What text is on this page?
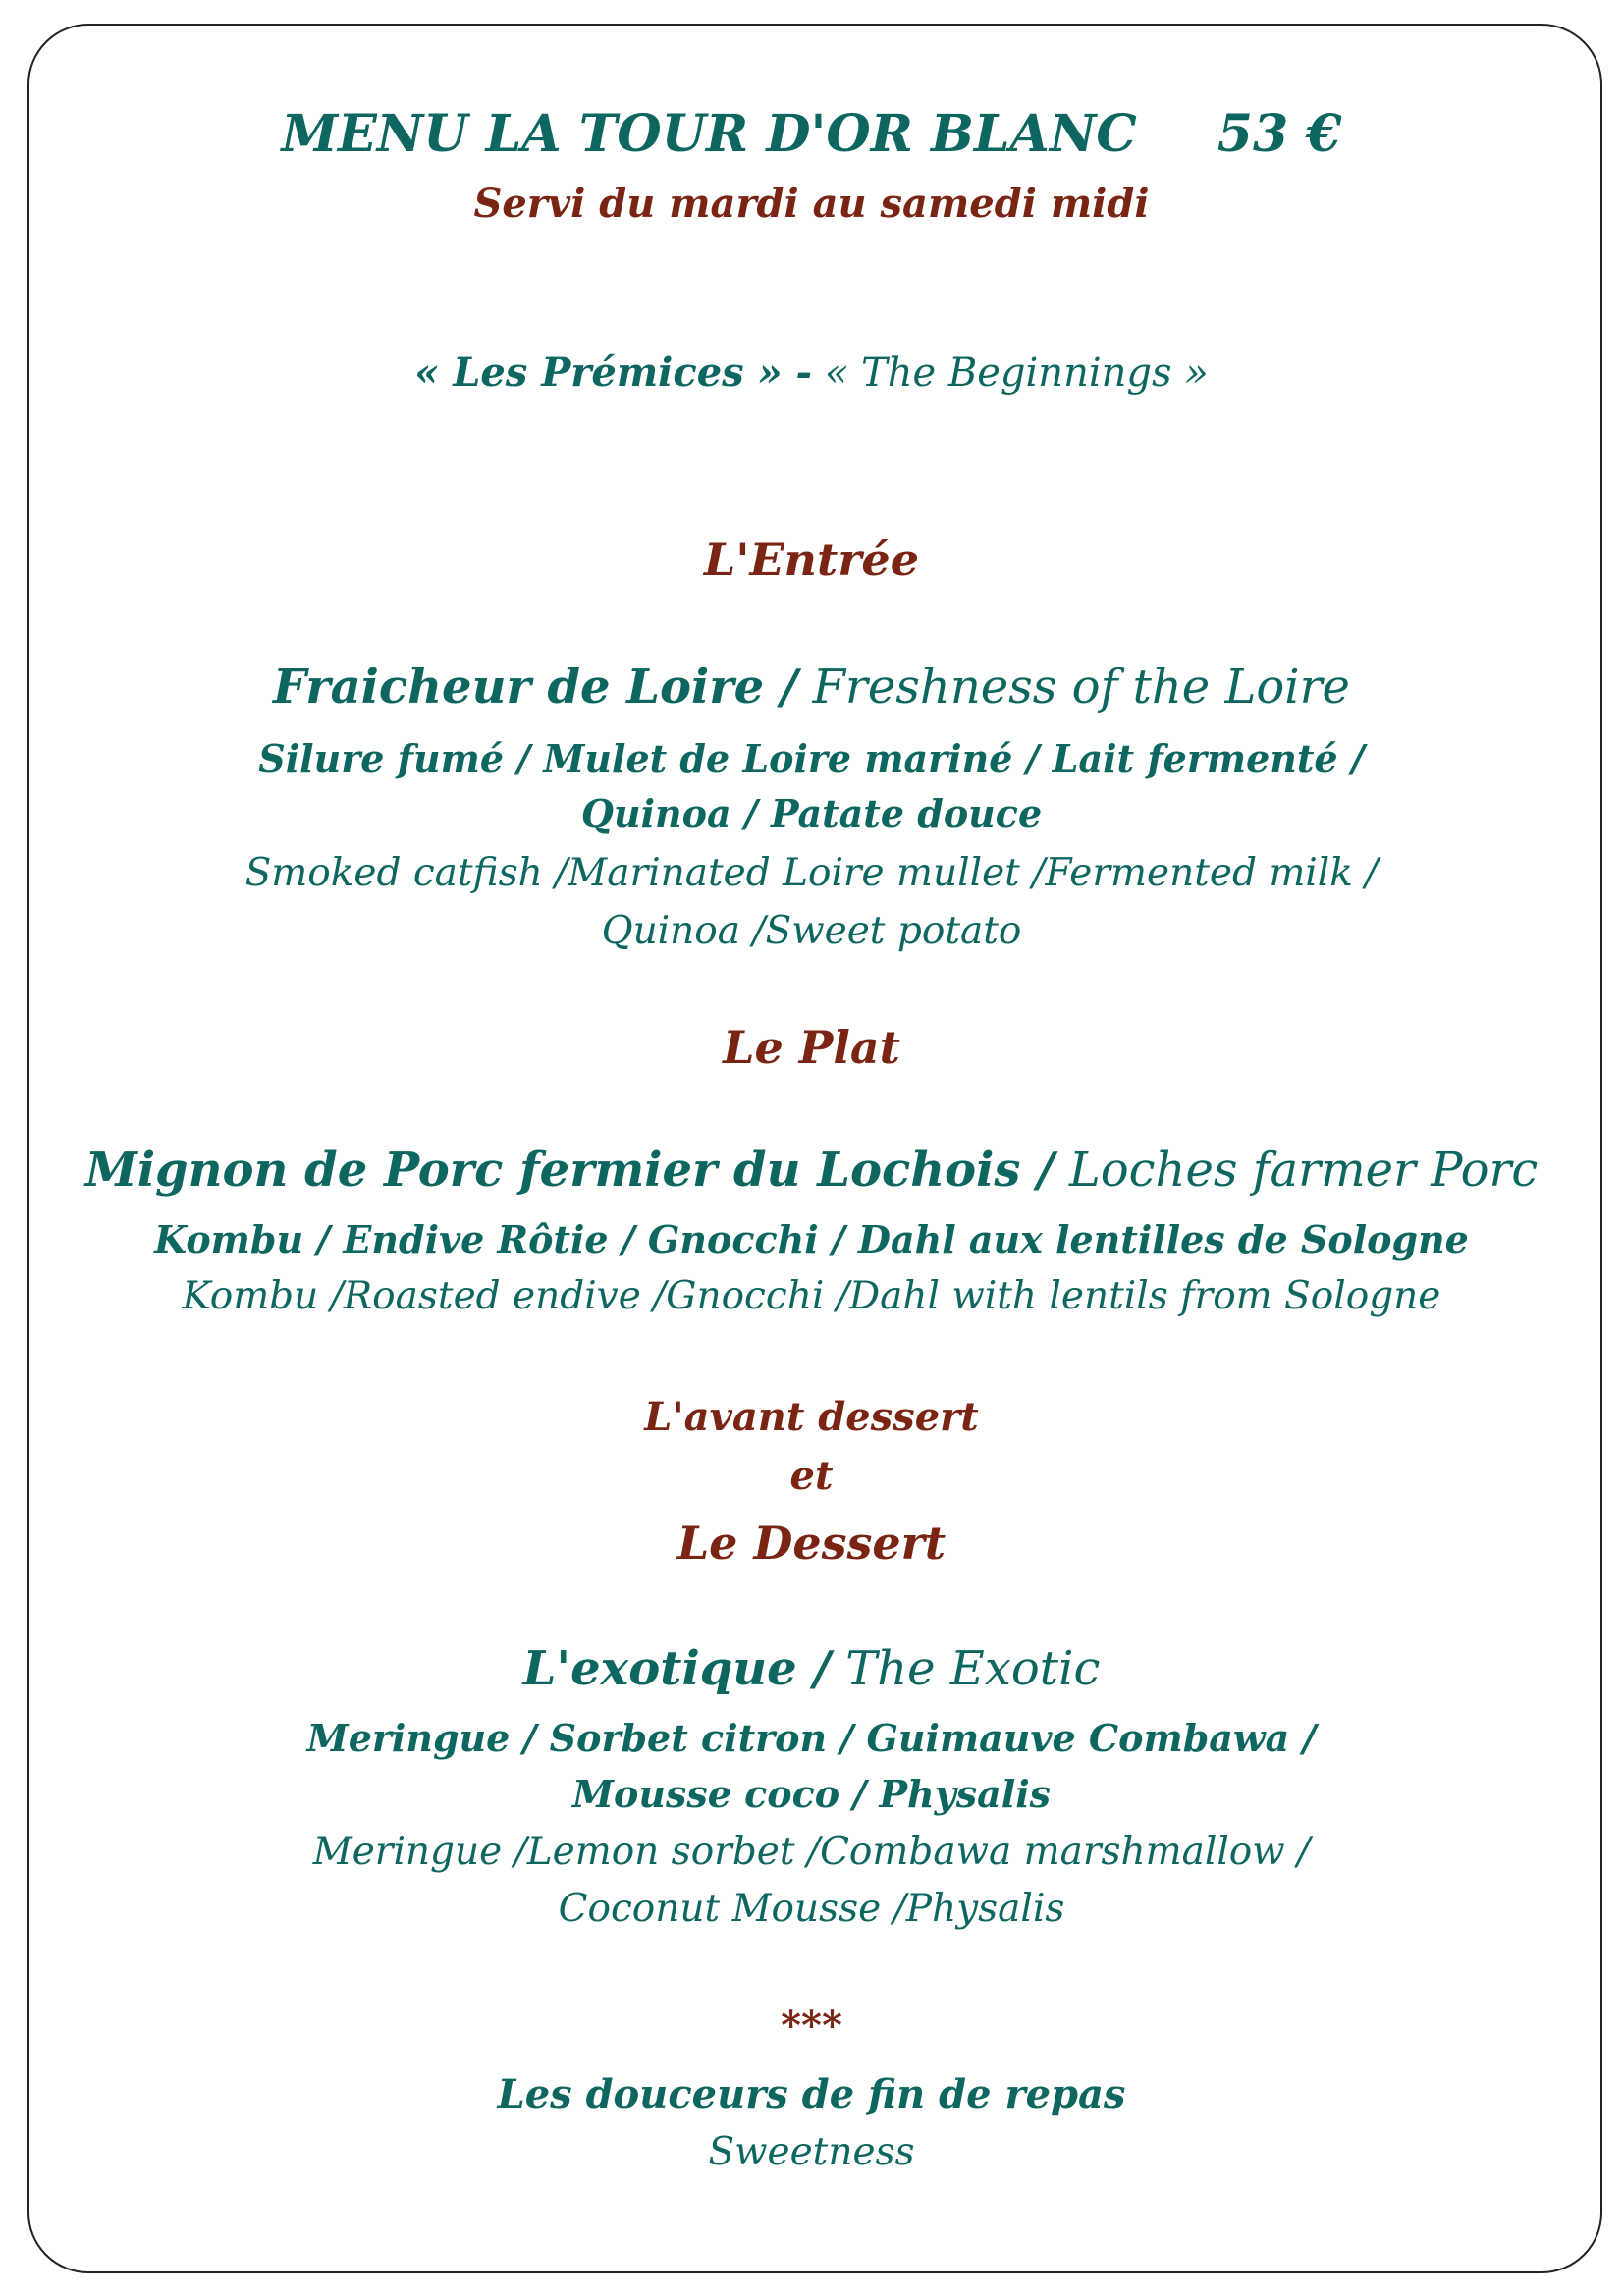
MENU LA TOUR D'OR BLANC 53 €
Servi du mardi au samedi midi
« Les Prémices » - « The Beginnings »
L'Entrée
Fraicheur de Loire / Freshness of the Loire
Silure fumé / Mulet de Loire mariné / Lait fermenté /
Quinoa / Patate douce
Smoked catfish /Marinated Loire mullet /Fermented milk /
Quinoa /Sweet potato
Le Plat
Mignon de Porc fermier du Lochois / Loches farmer Porc
Kombu / Endive Rôtie / Gnocchi / Dahl aux lentilles de Sologne
Kombu /Roasted endive /Gnocchi /Dahl with lentils from Sologne
L'avant dessert
et
Le Dessert
L'exotique / The Exotic
Meringue / Sorbet citron / Guimauve Combawa /
Mousse coco / Physalis
Meringue /Lemon sorbet /Combawa marshmallow /
Coconut Mousse /Physalis
***
Les douceurs de fin de repas
Sweetness
